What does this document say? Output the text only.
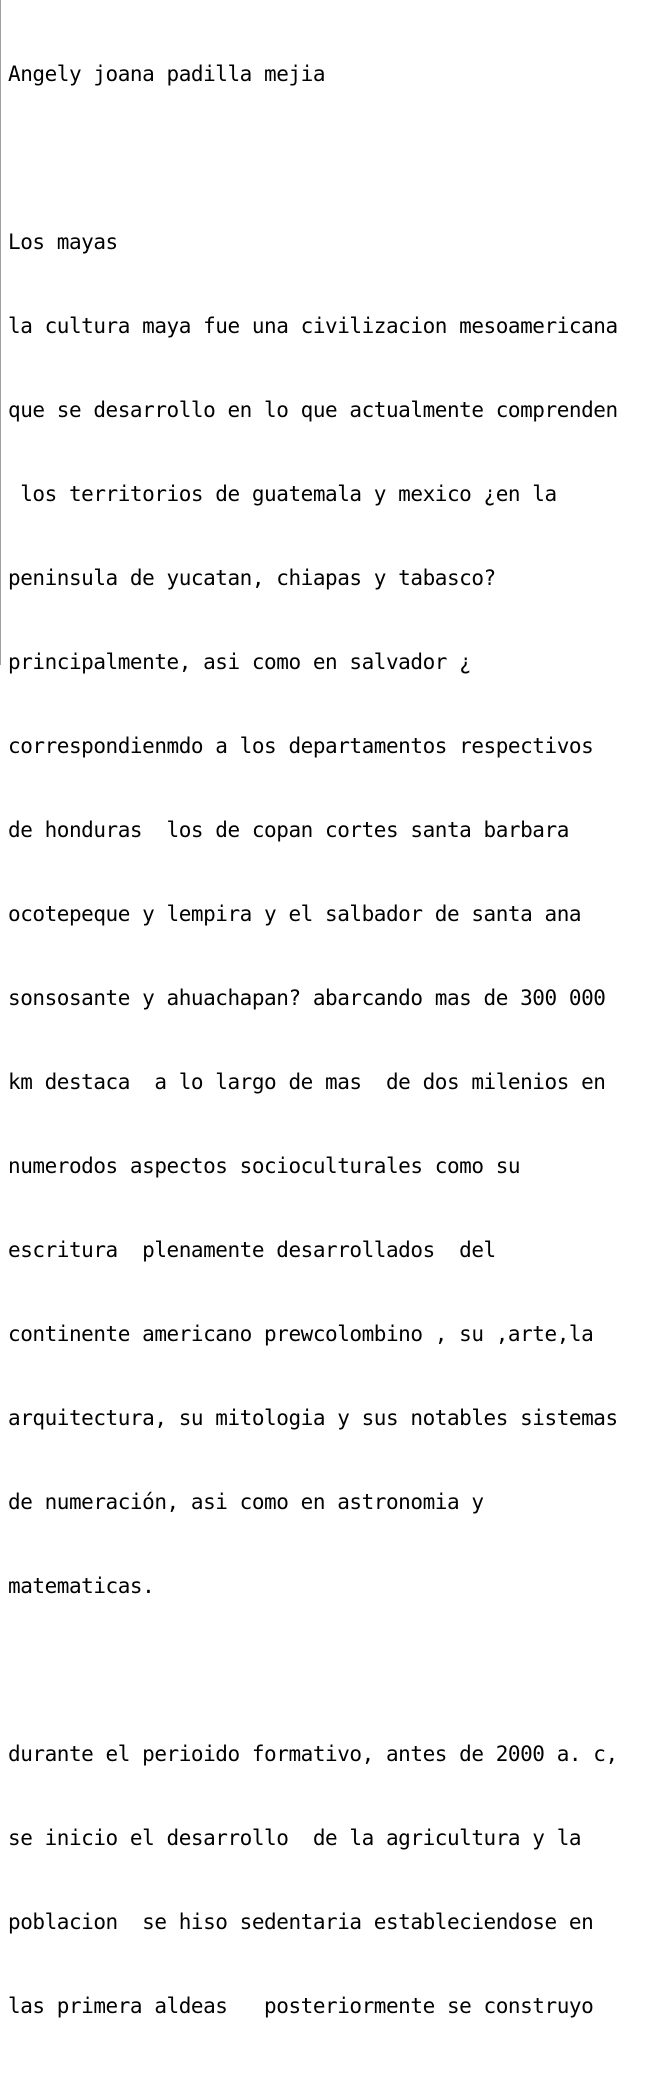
Angely joana padilla mejia

Los mayas

la cultura maya fue una civilizacion mesoamericana

que se desarrollo en lo que actualmente comprenden

los territorios de guatemala y mexico ¿en la

peninsula de yucatan, chiapas y tabasco?

principalmente, asi como en salvador ¿

correspondienmdo a los departamentos respectivos

de honduras  los de copan cortes santa barbara

ocotepeque y lempira y el salbador de santa ana

sonsosante y ahuachapan? abarcando mas de 300 000

km destaca  a lo largo de mas  de dos milenios en

numerodos aspectos socioculturales como su

escritura  plenamente desarrollados  del

continente americano prewcolombino , su ,arte,la

arquitectura, su mitologia y sus notables sistemas

de numeración, asi como en astronomia y

matematicas.

durante el perioido formativo, antes de 2000 a. c,

se inicio el desarrollo  de la agricultura y la

poblacion  se hiso sedentaria estableciendose en

las primera aldeas   posteriormente se construyo
